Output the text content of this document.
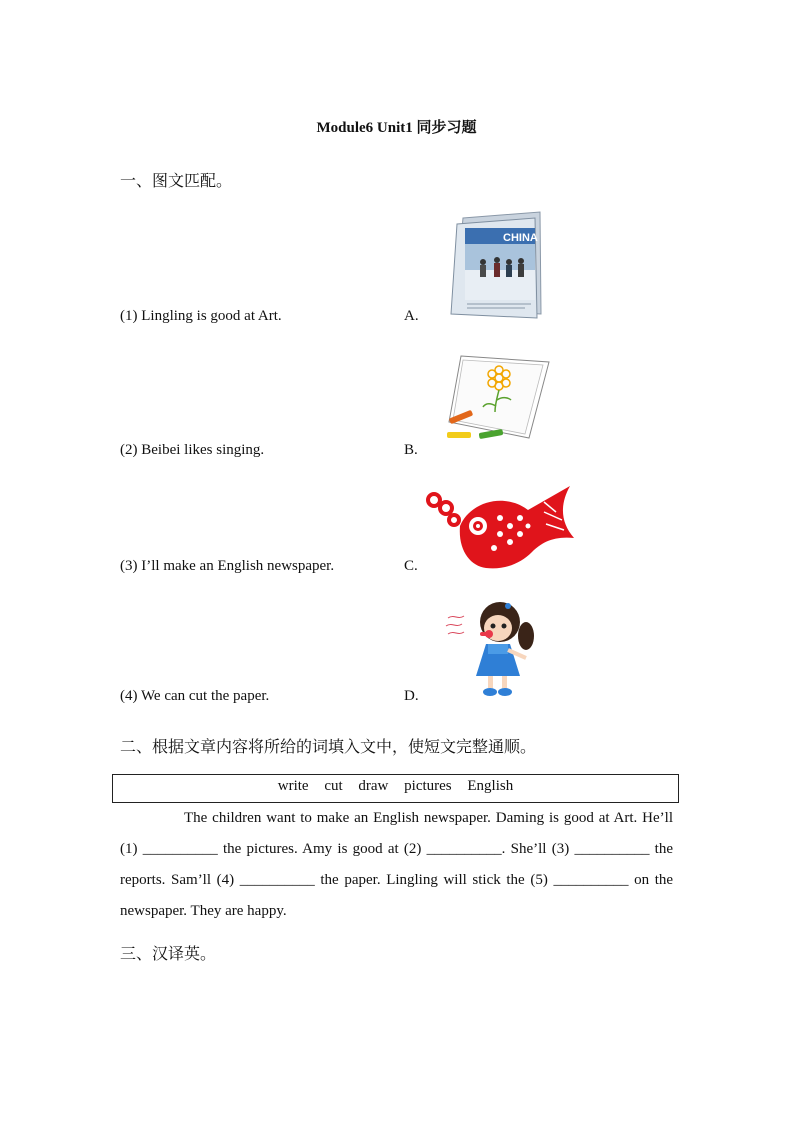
Module6 Unit1 同步习题
一、图文匹配。
(1) Lingling is good at Art.	A.
(2) Beibei likes singing.	B.
(3) I’ll make an English newspaper.	C.
(4) We can cut the paper.	D.
CHINA
二、根据文章内容将所给的词填入文中，使短文完整通顺。
write cut draw pictures English
The children want to make an English newspaper. Daming is good at Art. He’ll (1) __________ the pictures. Amy is good at (2) __________. She’ll (3) __________ the reports. Sam’ll (4) __________ the paper. Lingling will stick the (5) __________ on the newspaper. They are happy.
三、汉译英。
